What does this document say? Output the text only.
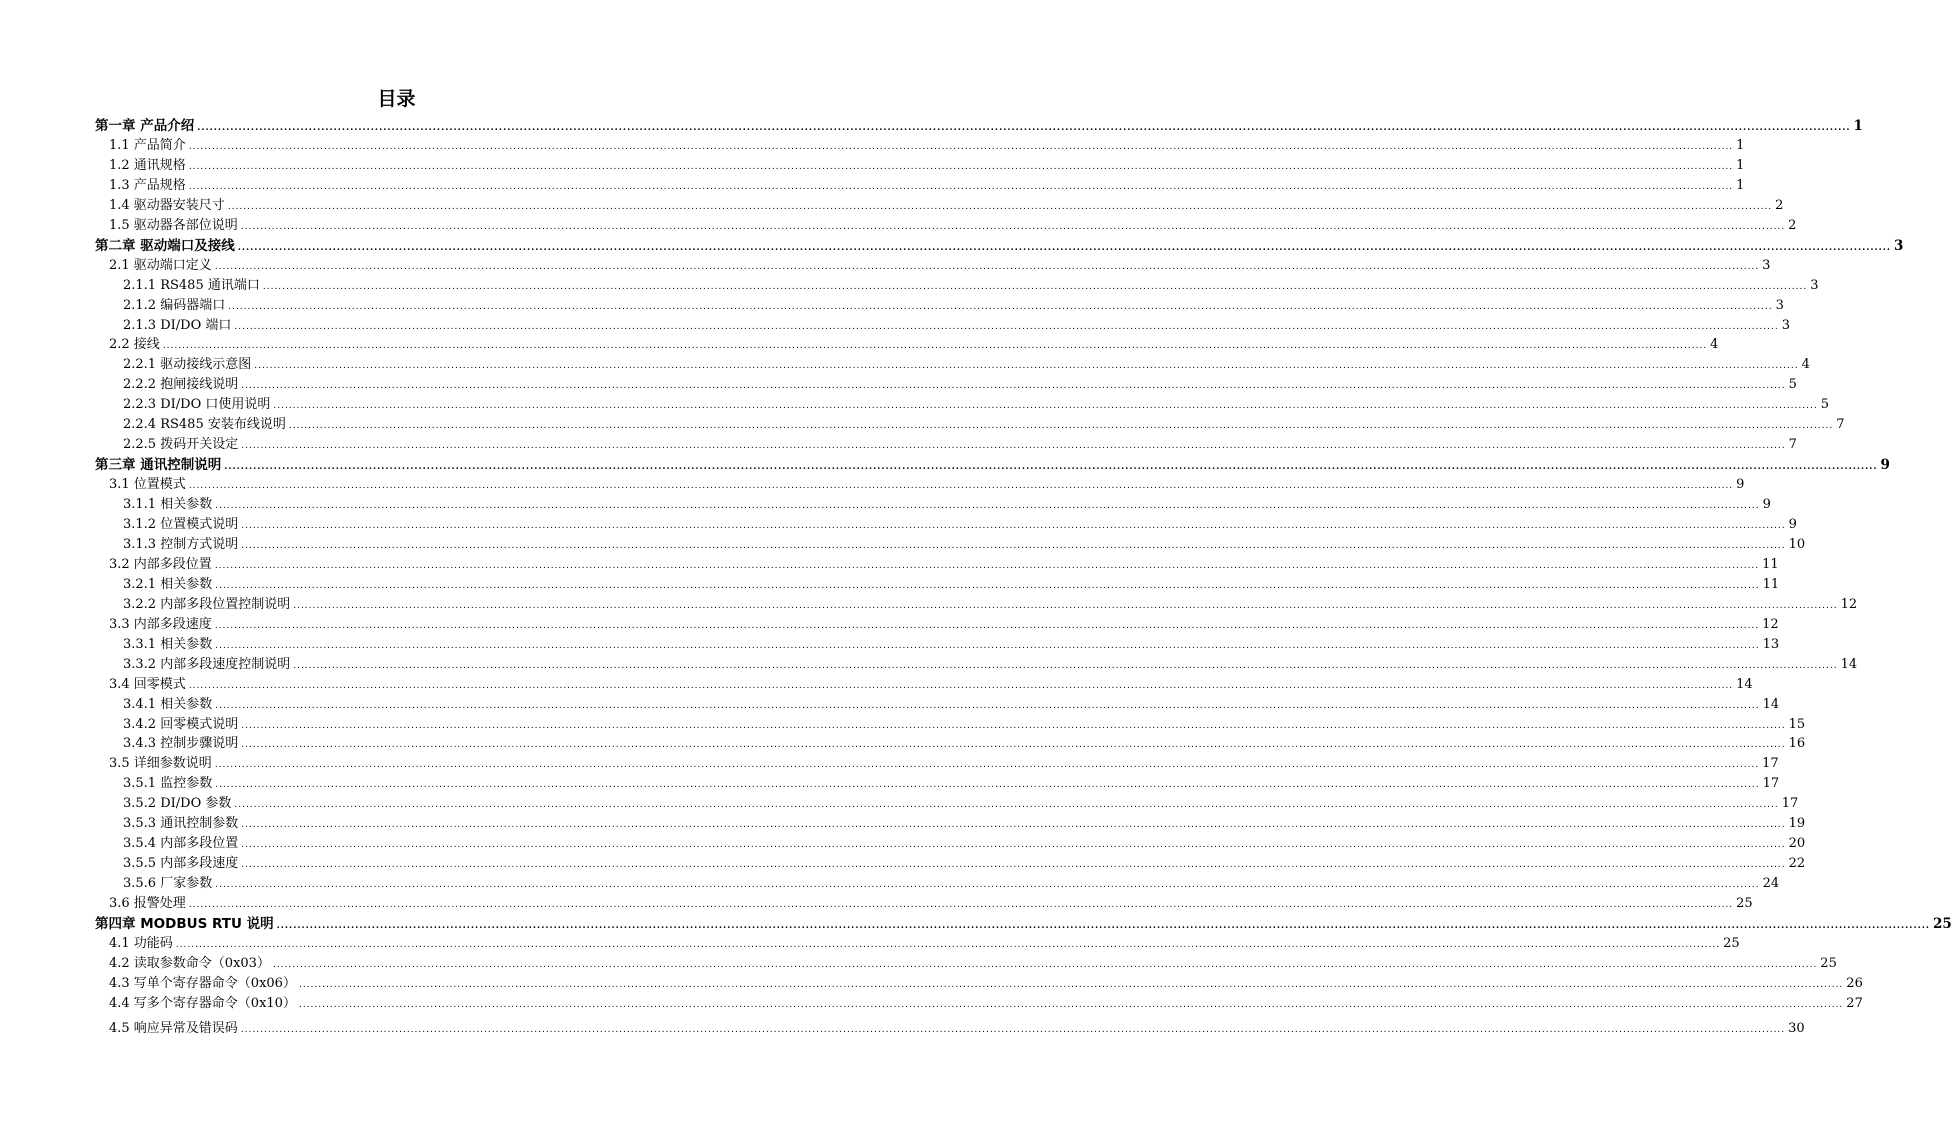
目录
第一章 产品介绍 ................................................................................................................................................................................................................................................................................................................................................................................................................ 1
1.1 产品简介 ................................................................................................................................................................................................................................................................................................................................................................................................................ 1
1.2 通讯规格 ................................................................................................................................................................................................................................................................................................................................................................................................................ 1
1.3 产品规格 ................................................................................................................................................................................................................................................................................................................................................................................................................ 1
1.4 驱动器安装尺寸 ................................................................................................................................................................................................................................................................................................................................................................................................................ 2
1.5 驱动器各部位说明 ................................................................................................................................................................................................................................................................................................................................................................................................................ 2
第二章 驱动端口及接线 ................................................................................................................................................................................................................................................................................................................................................................................................................ 3
2.1 驱动端口定义 ................................................................................................................................................................................................................................................................................................................................................................................................................ 3
2.1.1 RS485 通讯端口 ................................................................................................................................................................................................................................................................................................................................................................................................................ 3
2.1.2 编码器端口 ................................................................................................................................................................................................................................................................................................................................................................................................................ 3
2.1.3 DI/DO 端口 ................................................................................................................................................................................................................................................................................................................................................................................................................ 3
2.2 接线 ................................................................................................................................................................................................................................................................................................................................................................................................................ 4
2.2.1 驱动接线示意图 ................................................................................................................................................................................................................................................................................................................................................................................................................ 4
2.2.2 抱闸接线说明 ................................................................................................................................................................................................................................................................................................................................................................................................................ 5
2.2.3 DI/DO 口使用说明 ................................................................................................................................................................................................................................................................................................................................................................................................................ 5
2.2.4 RS485 安装布线说明 ................................................................................................................................................................................................................................................................................................................................................................................................................ 7
2.2.5 拨码开关设定 ................................................................................................................................................................................................................................................................................................................................................................................................................ 7
第三章 通讯控制说明 ................................................................................................................................................................................................................................................................................................................................................................................................................ 9
3.1 位置模式 ................................................................................................................................................................................................................................................................................................................................................................................................................ 9
3.1.1 相关参数 ................................................................................................................................................................................................................................................................................................................................................................................................................ 9
3.1.2 位置模式说明 ................................................................................................................................................................................................................................................................................................................................................................................................................ 9
3.1.3 控制方式说明 ................................................................................................................................................................................................................................................................................................................................................................................................................ 10
3.2 内部多段位置 ................................................................................................................................................................................................................................................................................................................................................................................................................ 11
3.2.1 相关参数 ................................................................................................................................................................................................................................................................................................................................................................................................................ 11
3.2.2 内部多段位置控制说明 ................................................................................................................................................................................................................................................................................................................................................................................................................ 12
3.3 内部多段速度 ................................................................................................................................................................................................................................................................................................................................................................................................................ 12
3.3.1 相关参数 ................................................................................................................................................................................................................................................................................................................................................................................................................ 13
3.3.2 内部多段速度控制说明 ................................................................................................................................................................................................................................................................................................................................................................................................................ 14
3.4 回零模式 ................................................................................................................................................................................................................................................................................................................................................................................................................ 14
3.4.1 相关参数 ................................................................................................................................................................................................................................................................................................................................................................................................................ 14
3.4.2 回零模式说明 ................................................................................................................................................................................................................................................................................................................................................................................................................ 15
3.4.3 控制步骤说明 ................................................................................................................................................................................................................................................................................................................................................................................................................ 16
3.5 详细参数说明 ................................................................................................................................................................................................................................................................................................................................................................................................................ 17
3.5.1 监控参数 ................................................................................................................................................................................................................................................................................................................................................................................................................ 17
3.5.2 DI/DO 参数 ................................................................................................................................................................................................................................................................................................................................................................................................................ 17
3.5.3 通讯控制参数 ................................................................................................................................................................................................................................................................................................................................................................................................................ 19
3.5.4 内部多段位置 ................................................................................................................................................................................................................................................................................................................................................................................................................ 20
3.5.5 内部多段速度 ................................................................................................................................................................................................................................................................................................................................................................................................................ 22
3.5.6 厂家参数 ................................................................................................................................................................................................................................................................................................................................................................................................................ 24
3.6 报警处理 ................................................................................................................................................................................................................................................................................................................................................................................................................ 25
第四章 MODBUS RTU 说明 ................................................................................................................................................................................................................................................................................................................................................................................................................ 25
4.1 功能码 ................................................................................................................................................................................................................................................................................................................................................................................................................ 25
4.2 读取参数命令（0x03） ................................................................................................................................................................................................................................................................................................................................................................................................................ 25
4.3 写单个寄存器命令（0x06） ................................................................................................................................................................................................................................................................................................................................................................................................................ 26
4.4 写多个寄存器命令（0x10） ................................................................................................................................................................................................................................................................................................................................................................................................................ 27
4.5 响应异常及错误码 ................................................................................................................................................................................................................................................................................................................................................................................................................ 30
